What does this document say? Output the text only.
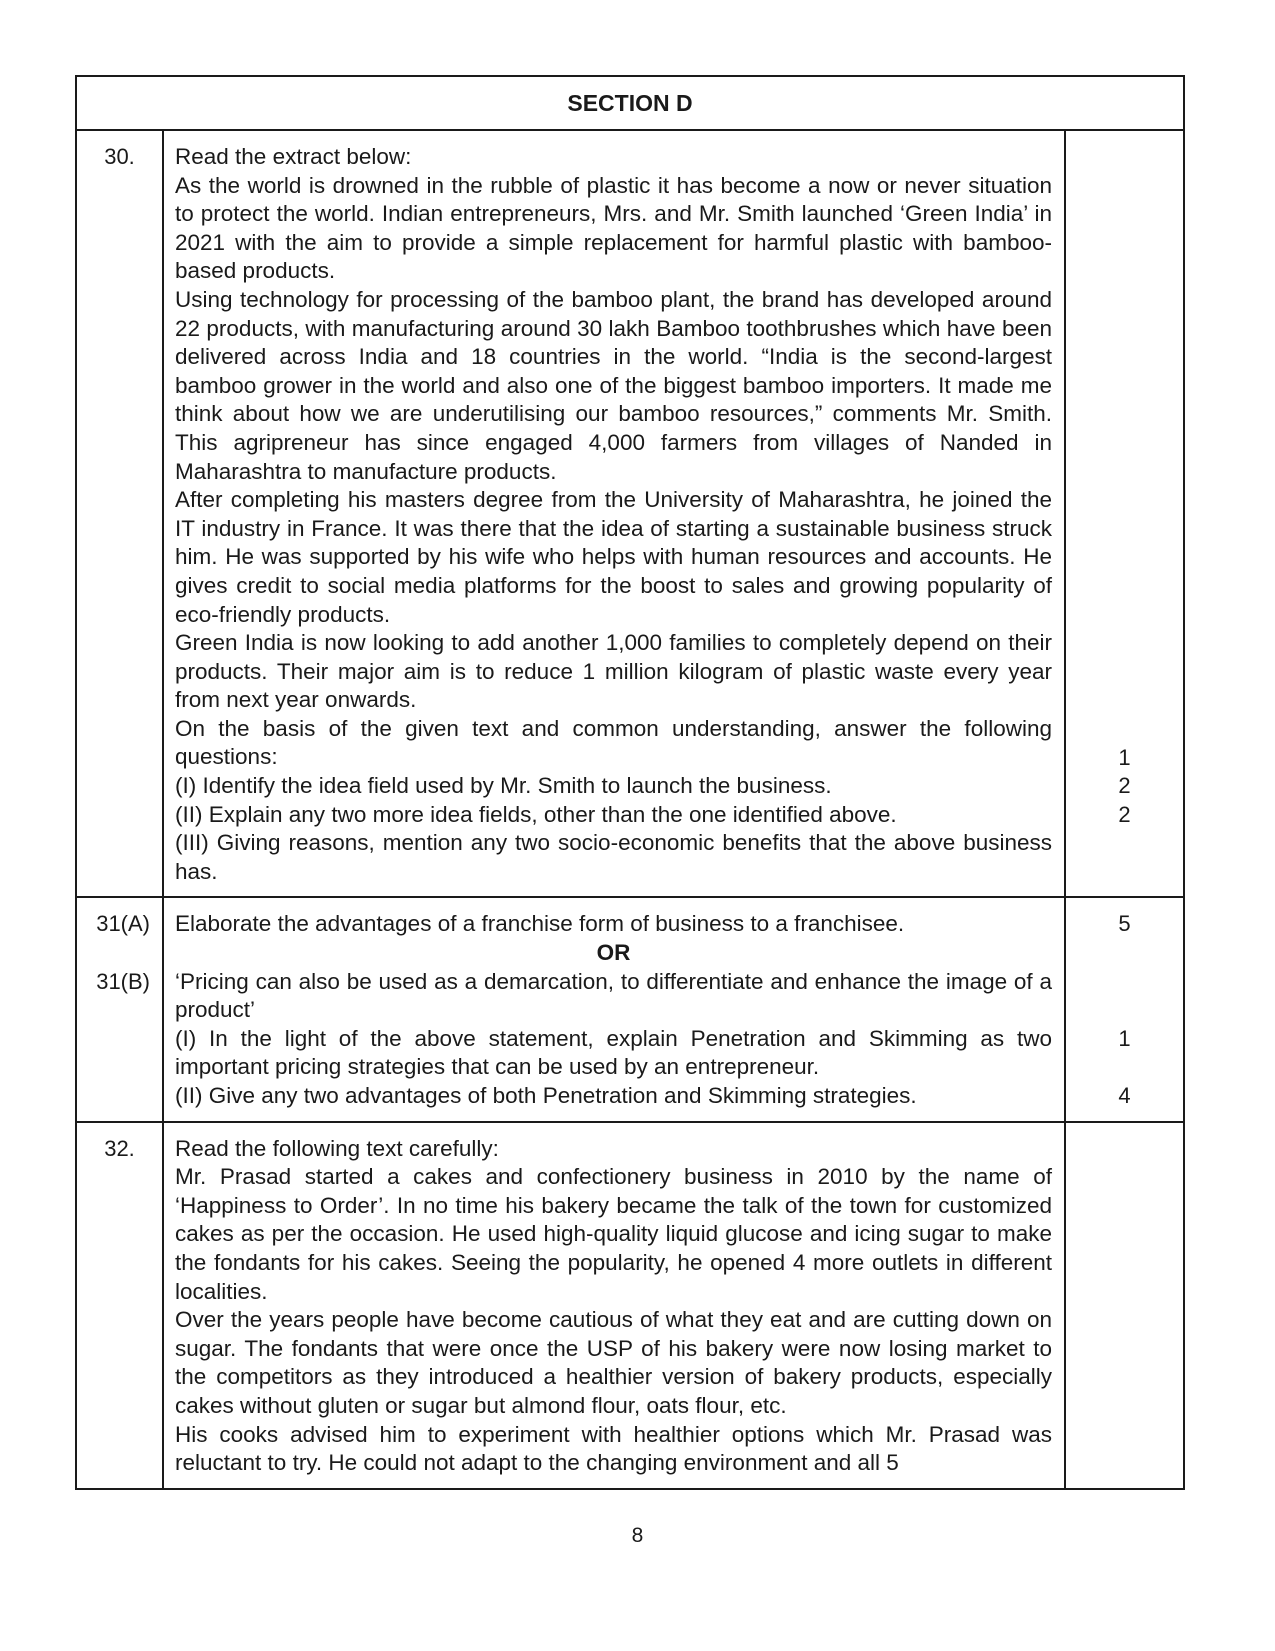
SECTION D
30.	Read the extract below:

As the world is drowned in the rubble of plastic it has become a now or never situation to protect the world. Indian entrepreneurs, Mrs. and Mr. Smith launched ‘Green India’ in 2021 with the aim to provide a simple replacement for harmful plastic with bamboo-based products.

Using technology for processing of the bamboo plant, the brand has developed around 22 products, with manufacturing around 30 lakh Bamboo toothbrushes which have been delivered across India and 18 countries in the world. “India is the second-largest bamboo grower in the world and also one of the biggest bamboo importers. It made me think about how we are underutilising our bamboo resources,” comments Mr. Smith. This agripreneur has since engaged 4,000 farmers from villages of Nanded in Maharashtra to manufacture products.

After completing his masters degree from the University of Maharashtra, he joined the IT industry in France. It was there that the idea of starting a sustainable business struck him. He was supported by his wife who helps with human resources and accounts. He gives credit to social media platforms for the boost to sales and growing popularity of eco-friendly products.

Green India is now looking to add another 1,000 families to completely depend on their products. Their major aim is to reduce 1 million kilogram of plastic waste every year from next year onwards.

On the basis of the given text and common understanding, answer the following questions:

(I) Identify the idea field used by Mr. Smith to launch the business.

(II) Explain any two more idea fields, other than the one identified above.

(III) Giving reasons, mention any two socio-economic benefits that the above business has.

1
2
2
31(A)
31(B)

Elaborate the advantages of a franchise form of business to a franchisee.

OR

‘Pricing can also be used as a demarcation, to differentiate and enhance the image of a product’

(I) In the light of the above statement, explain Penetration and Skimming as two important pricing strategies that can be used by an entrepreneur.

(II) Give any two advantages of both Penetration and Skimming strategies.

5
1
4
32.	Read the following text carefully:

Mr. Prasad started a cakes and confectionery business in 2010 by the name of ‘Happiness to Order’. In no time his bakery became the talk of the town for customized cakes as per the occasion. He used high-quality liquid glucose and icing sugar to make the fondants for his cakes. Seeing the popularity, he opened 4 more outlets in different localities.

Over the years people have become cautious of what they eat and are cutting down on sugar. The fondants that were once the USP of his bakery were now losing market to the competitors as they introduced a healthier version of bakery products, especially cakes without gluten or sugar but almond flour, oats flour, etc.

His cooks advised him to experiment with healthier options which Mr. Prasad was reluctant to try. He could not adapt to the changing environment and all 5

8
